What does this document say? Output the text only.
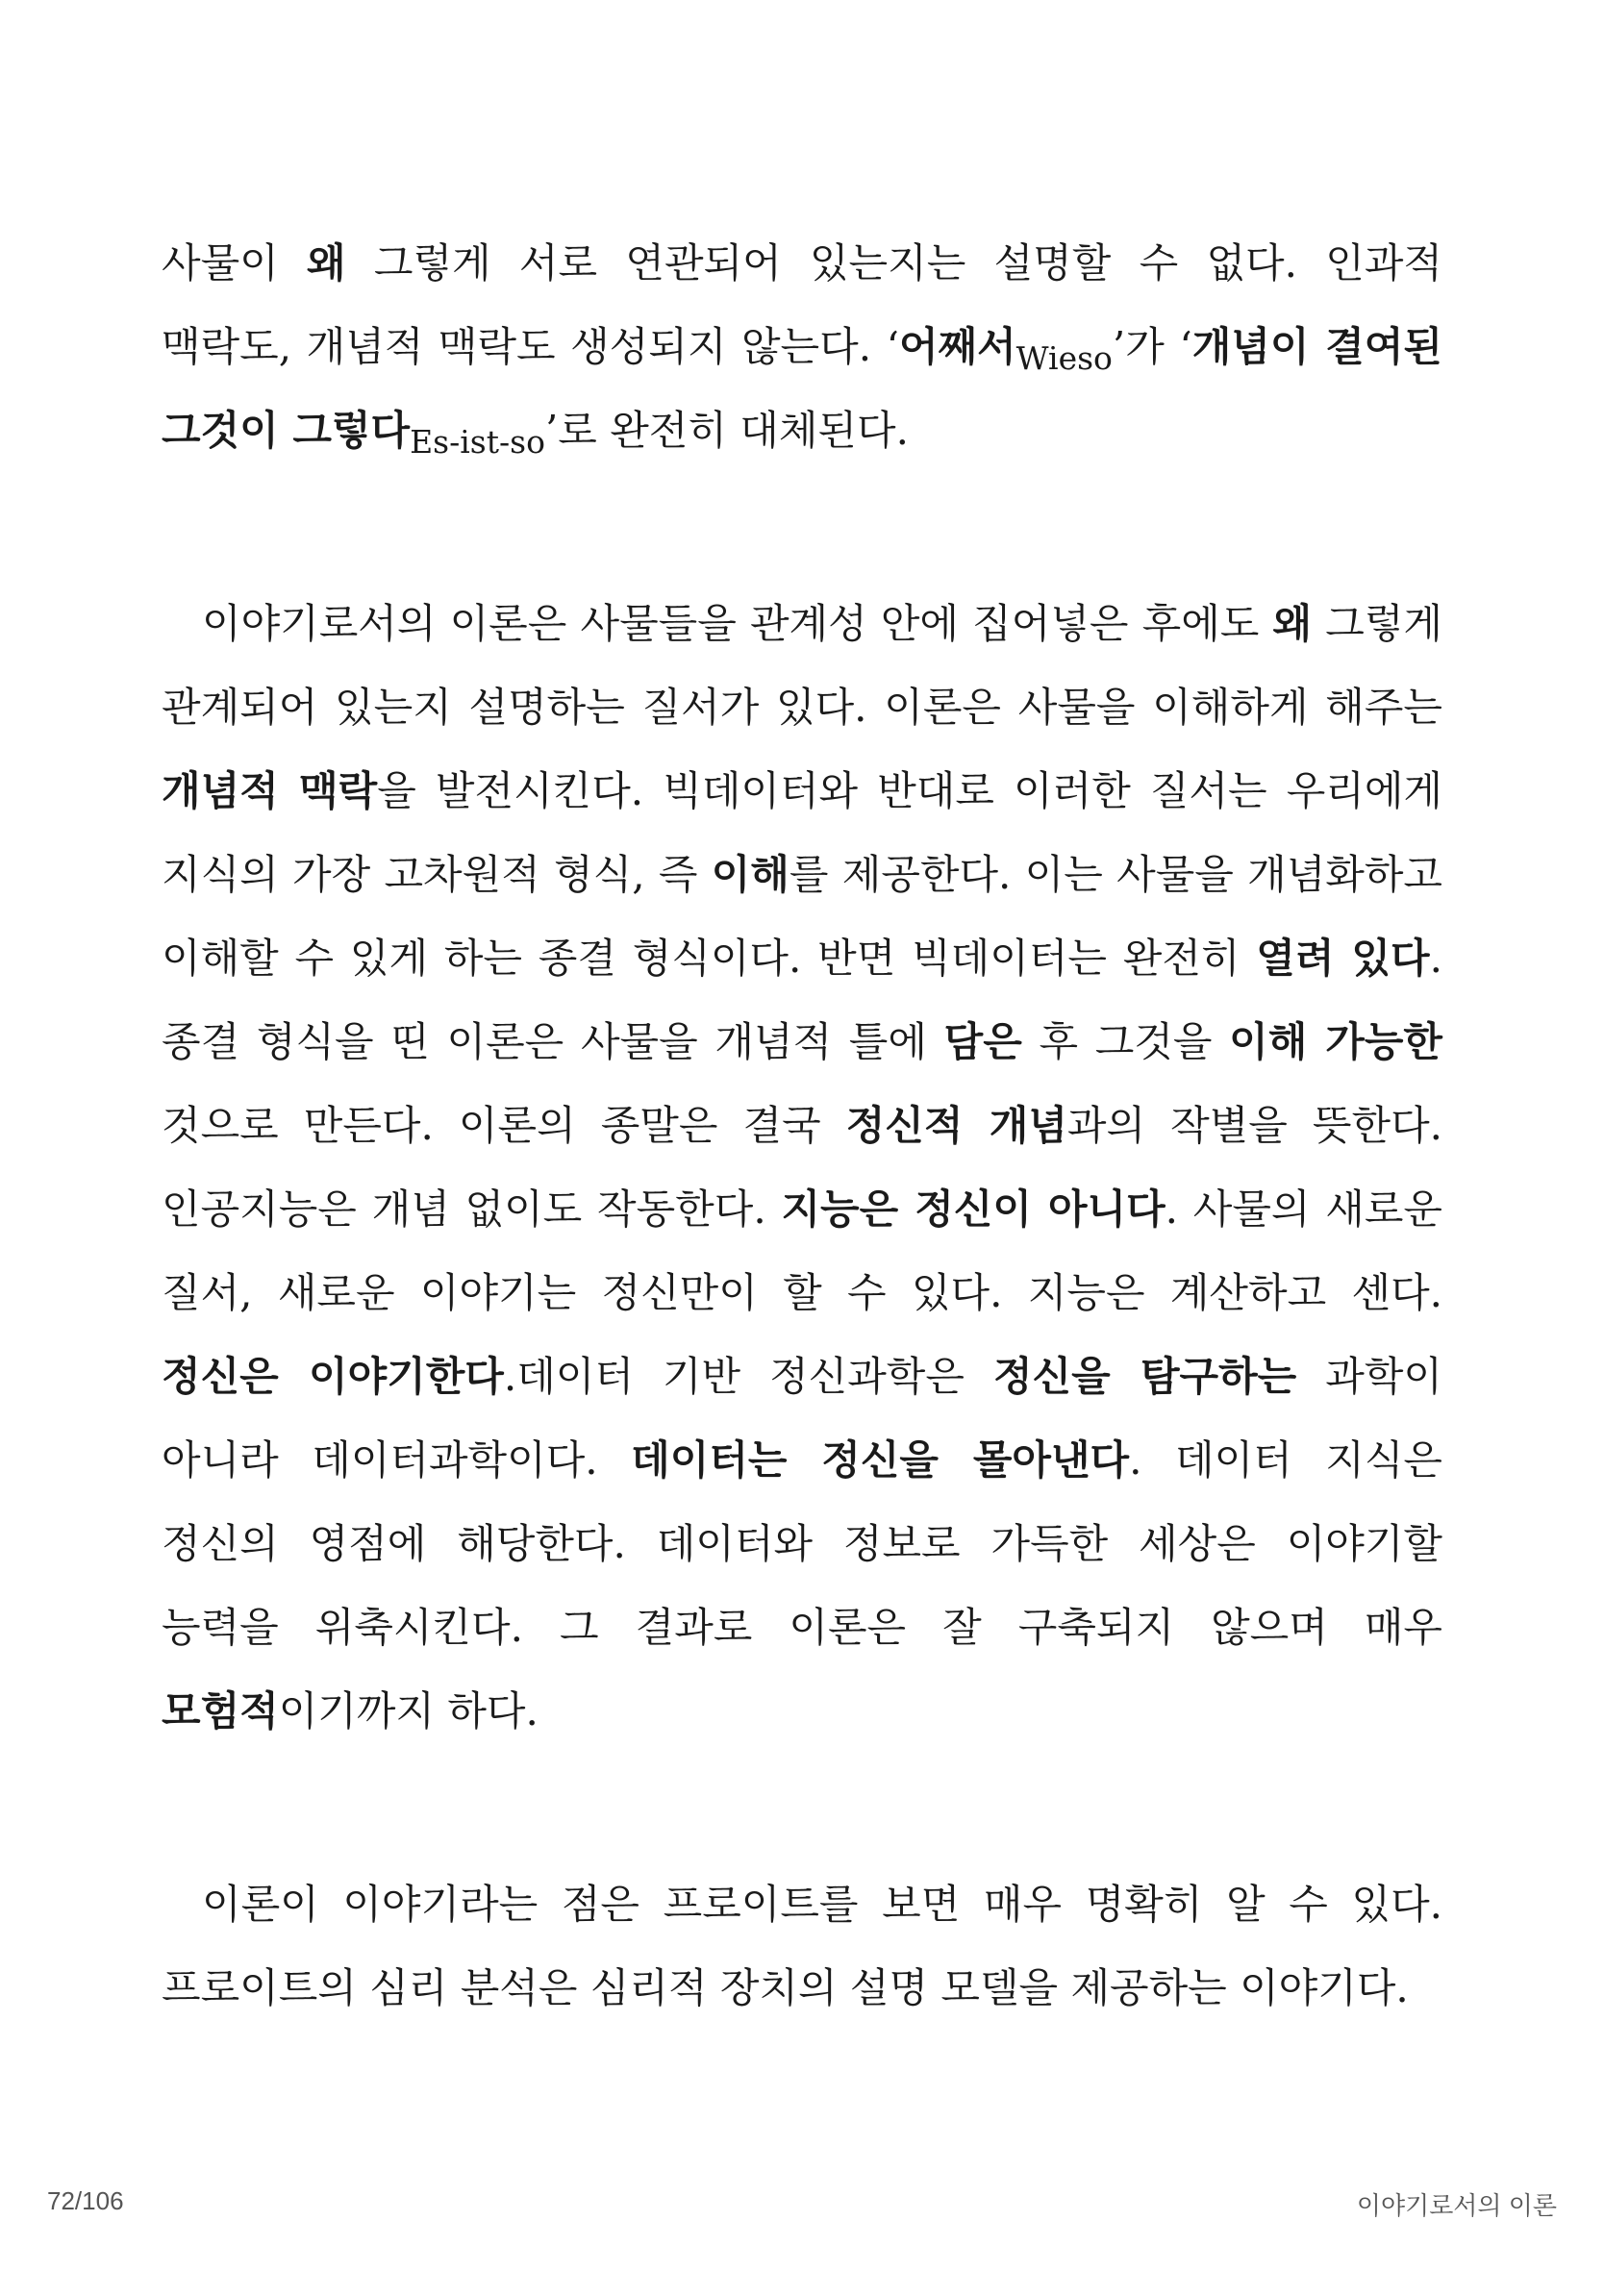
사물이 왜 그렇게 서로 연관되어 있는지는 설명할 수 없다. 인과적 맥락도, 개념적 맥락도 생성되지 않는다. ‘어째서$_{Wieso}$’가 ‘개념이 결여된 그것이 그렇다$_{Es-ist-so}$’로 완전히 대체된다.

이야기로서의 이론은 사물들을 관계성 안에 집어넣은 후에도 왜 그렇게 관계되어 있는지 설명하는 질서가 있다. 이론은 사물을 이해하게 해주는 개념적 맥락을 발전시킨다. 빅데이터와 반대로 이러한 질서는 우리에게 지식의 가장 고차원적 형식, 즉 이해를 제공한다. 이는 사물을 개념화하고 이해할 수 있게 하는 종결 형식이다. 반면 빅데이터는 완전히 열려 있다. 종결 형식을 띤 이론은 사물을 개념적 틀에 담은 후 그것을 이해 가능한 것으로 만든다. 이론의 종말은 결국 정신적 개념과의 작별을 뜻한다. 인공지능은 개념 없이도 작동한다. 지능은 정신이 아니다. 사물의 새로운 질서, 새로운 이야기는 정신만이 할 수 있다. 지능은 계산하고 센다. 정신은 이야기한다.데이터 기반 정신과학은 정신을 탐구하는 과학이 아니라 데이터과학이다. 데이터는 정신을 몰아낸다. 데이터 지식은 정신의 영점에 해당한다. 데이터와 정보로 가득한 세상은 이야기할 능력을 위축시킨다. 그 결과로 이론은 잘 구축되지 않으며 매우 모험적이기까지 하다.

이론이 이야기라는 점은 프로이트를 보면 매우 명확히 알 수 있다. 프로이트의 심리 분석은 심리적 장치의 설명 모델을 제공하는 이야기다.

72/106	이야기로서의 이론
